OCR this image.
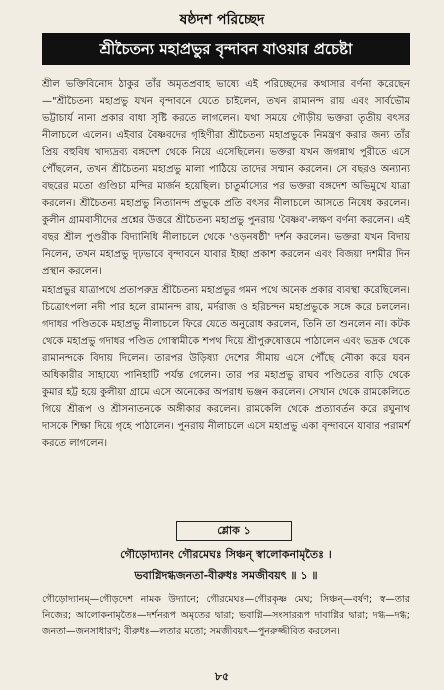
ষষ্ঠদশ পরিচ্ছেদ
শ্রীচৈতন্য মহাপ্রভুর বৃন্দাবন যাওয়ার প্রচেষ্টা

শ্রীল ভক্তিবিনোদ ঠাকুর তাঁর অমৃতপ্রবাহ ভাষ্যে এই পরিচ্ছেদের কথাসার বর্ণনা করেছেন—"শ্রীচৈতন্য মহাপ্রভু যখন বৃন্দাবনে যেতে চাইলেন, তখন রামানন্দ রায় এবং সার্বভৌম ভট্টাচার্য নানা প্রকার বাধা সৃষ্টি করতে লাগলেন। যথা সময়ে গৌড়ীয় ভক্তরা তৃতীয় বৎসর নীলাচলে এলেন। এইবার বৈষ্ণবদের গৃহিণীরা শ্রীচৈতন্য মহাপ্রভুকে নিমন্ত্রণ করার জন্য তাঁর প্রিয় বহুবিধ খাদ্যদ্রব্য বঙ্গদেশ থেকে নিয়ে এসেছিলেন। ভক্তরা যখন জগন্নাথ পুরীতে এসে পৌঁছলেন, তখন শ্রীচৈতন্য মহাপ্রভু মালা পাঠিয়ে তাদের সম্মান করলেন। সে বছরও অন্যান্য বছরের মতো গুণ্ডিচা মন্দির মার্জন হয়েছিল। চাতুর্মাস্যের পর ভক্তরা বঙ্গদেশ অভিমুখে যাত্রা করলেন। শ্রীচৈতন্য মহাপ্রভু নিত্যানন্দ প্রভুকে প্রতি বৎসর নীলাচলে আসতে নিষেধ করলেন। কুলীন গ্রামবাসীদের প্রশ্নের উত্তরে শ্রীচৈতন্য মহাপ্রভু পুনরায় 'বৈষ্ণব'-লক্ষণ বর্ণনা করলেন। এই বছর শ্রীল পুণ্ডরীক বিদ্যানিধি নীলাচলে থেকে 'ওড়নষষ্ঠী' দর্শন করলেন। ভক্তরা যখন বিদায় নিলেন, তখন মহাপ্রভু দৃঢ়ভাবে বৃন্দাবনে যাবার ইচ্ছা প্রকাশ করলেন এবং বিজয়া দশমীর দিন প্রস্থান করলেন।

মহাপ্রভুর যাত্রাপথে প্রতাপরুদ্র শ্রীচৈতন্য মহাপ্রভুর গমন পথে অনেক প্রকার ব্যবস্থা করেছিলেন। চিত্রোৎপলা নদী পার হলে রামানন্দ রায়, মর্দরাজ ও হরিচন্দন মহাপ্রভুকে সঙ্গে করে চললেন। গদাধর পণ্ডিতকে মহাপ্রভু নীলাচলে ফিরে যেতে অনুরোধ করলেন, তিনি তা শুনলেন না। কটক থেকে মহাপ্রভু গদাধর পণ্ডিত গোস্বামীকে শপথ দিয়ে শ্রীপুরুষোত্তমে পাঠালেন এবং ভদ্রক থেকে রামানন্দকে বিদায় দিলেন। তারপর উড়িষ্যা দেশের সীমায় এসে পৌঁছে নৌকা করে যবন অধিকারীর সাহায্যে পানিহাটি পর্যন্ত গেলেন। তার পর মহাপ্রভু রাঘব পণ্ডিতের বাড়ি থেকে কুমার হট্ট হয়ে কুলীয়া গ্রামে এসে অনেকের অপরাধ ভঞ্জন করলেন। সেখান থেকে রামকেলিতে গিয়ে শ্রীরূপ ও শ্রীসনাতনকে অঙ্গীকার করলেন। রামকেলি থেকে প্রত্যাবর্তন করে রঘুনাথ দাসকে শিক্ষা দিয়ে গৃহে পাঠালেন। পুনরায় নীলাচলে এসে মহাপ্রভু একা বৃন্দাবনে যাবার পরামর্শ করতে লাগলেন।

শ্লোক ১
গৌড়োদ্যানং গৌরমেঘঃ সিঞ্চন্ স্বালোকনামৃতৈঃ ।
ভবাগ্নিদগ্ধজনতা-বীরুধঃ সমজীবয়ৎ ॥ ১ ॥
গৌড়োদ্যানম্—গৌড়দেশ নামক উদ্যানে; গৌরমেঘঃ—গৌরকৃষ্ণ মেঘ; সিঞ্চন্—বর্ষণ; স্ব—তার নিজের; আলোকনামৃতৈঃ—দর্শনরূপ অমৃতের দ্বারা; ভবাগ্নি—সংসাররূপ দাবাগ্নির দ্বারা; দগ্ধ—দগ্ধ; জনতা—জনসাধারণ; বীরুধঃ—লতার মতো; সমজীবয়ৎ—পুনরুজ্জীবিত করলেন।
৮৫
